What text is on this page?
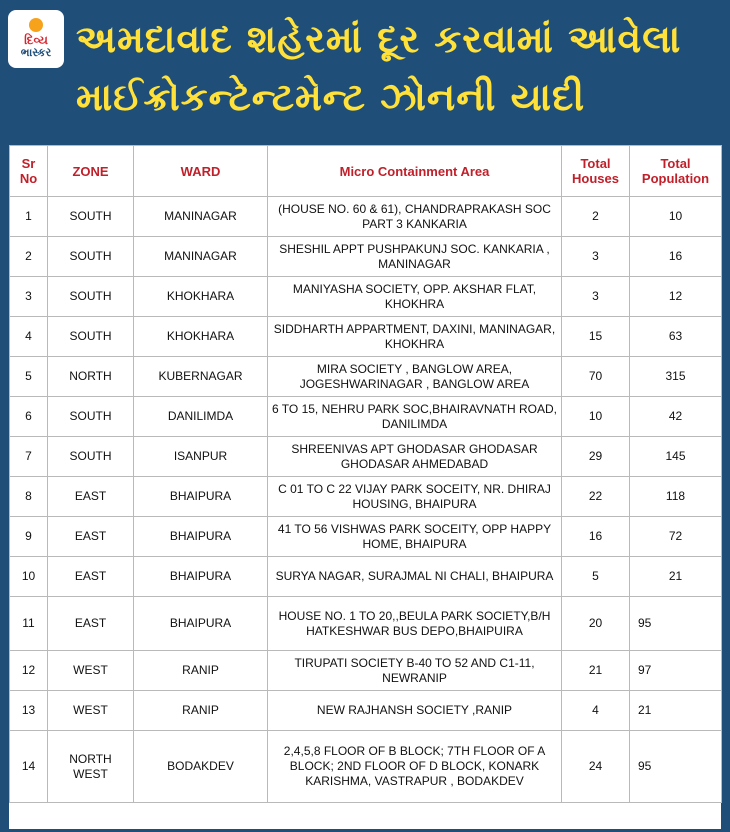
દિવ્ય
ભાસ્કર અમદાવાદ શહેરમાં દૂર કરવામાં આવેલા
માઈક્રોકન્ટેન્ટમેન્ટ ઝોનની યાદી
Sr No	ZONE	WARD	Micro Containment Area	Total Houses	Total Population
1	SOUTH	MANINAGAR	(HOUSE NO. 60 & 61), CHANDRAPRAKASH SOC PART 3 KANKARIA	2	10
2	SOUTH	MANINAGAR	SHESHIL APPT PUSHPAKUNJ SOC. KANKARIA , MANINAGAR	3	16
3	SOUTH	KHOKHARA	MANIYASHA SOCIETY, OPP. AKSHAR FLAT, KHOKHRA	3	12
4	SOUTH	KHOKHARA	SIDDHARTH APPARTMENT, DAXINI, MANINAGAR, KHOKHRA	15	63
5	NORTH	KUBERNAGAR	MIRA SOCIETY , BANGLOW AREA, JOGESHWARINAGAR , BANGLOW AREA	70	315
6	SOUTH	DANILIMDA	6 TO 15, NEHRU PARK SOC,BHAIRAVNATH ROAD, DANILIMDA	10	42
7	SOUTH	ISANPUR	SHREENIVAS APT GHODASAR GHODASAR GHODASAR AHMEDABAD	29	145
8	EAST	BHAIPURA	C 01 TO C 22 VIJAY PARK SOCEITY, NR. DHIRAJ HOUSING, BHAIPURA	22	118
9	EAST	BHAIPURA	41 TO 56 VISHWAS PARK SOCEITY, OPP HAPPY HOME, BHAIPURA	16	72
10	EAST	BHAIPURA	SURYA NAGAR, SURAJMAL NI CHALI, BHAIPURA	5	21
11	EAST	BHAIPURA	HOUSE NO. 1 TO 20,,BEULA PARK SOCIETY,B/H HATKESHWAR BUS DEPO,BHAIPUIRA	20	95
12	WEST	RANIP	TIRUPATI SOCIETY B-40 TO 52 AND C1-11, NEWRANIP	21	97
13	WEST	RANIP	NEW RAJHANSH SOCIETY ,RANIP	4	21
14	NORTH WEST	BODAKDEV	2,4,5,8 FLOOR OF B BLOCK; 7TH FLOOR OF A BLOCK; 2ND FLOOR OF D BLOCK, KONARK KARISHMA, VASTRAPUR , BODAKDEV	24	95
